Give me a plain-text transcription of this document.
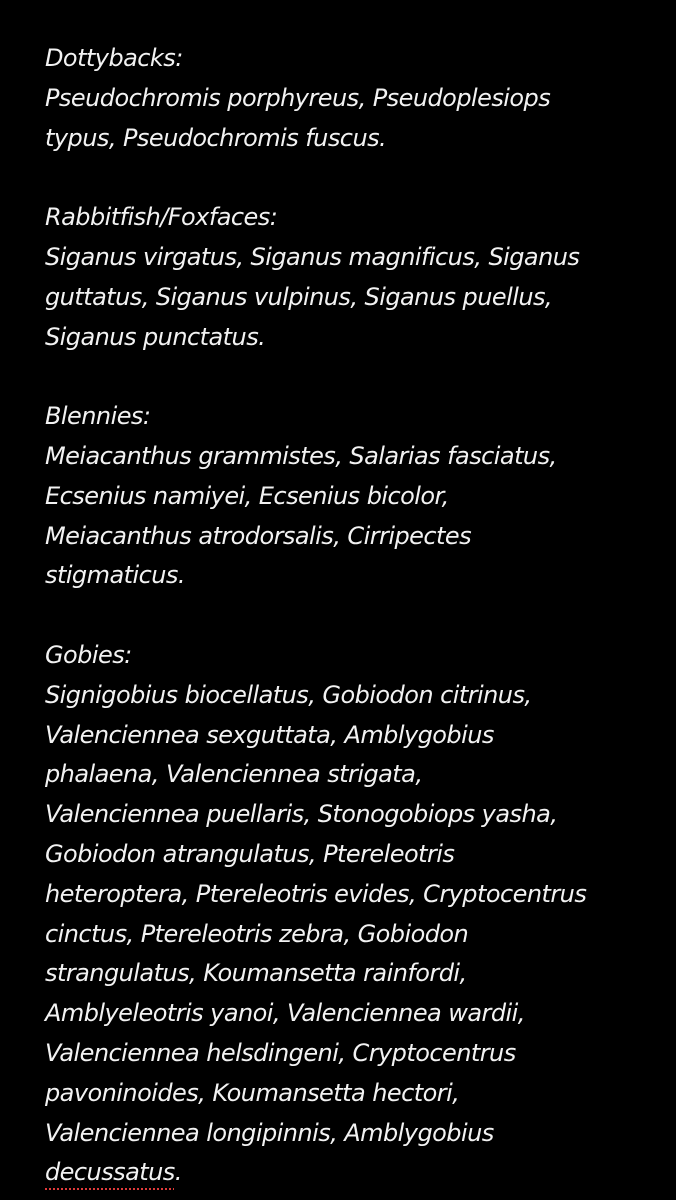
Dottybacks:
Pseudochromis porphyreus, Pseudoplesiops
typus, Pseudochromis fuscus.
Rabbitfish/Foxfaces:
Siganus virgatus, Siganus magnificus, Siganus
guttatus, Siganus vulpinus, Siganus puellus,
Siganus punctatus.
Blennies:
Meiacanthus grammistes, Salarias fasciatus,
Ecsenius namiyei, Ecsenius bicolor,
Meiacanthus atrodorsalis, Cirripectes
stigmaticus.
Gobies:
Signigobius biocellatus, Gobiodon citrinus,
Valenciennea sexguttata, Amblygobius
phalaena, Valenciennea strigata,
Valenciennea puellaris, Stonogobiops yasha,
Gobiodon atrangulatus, Ptereleotris
heteroptera, Ptereleotris evides, Cryptocentrus
cinctus, Ptereleotris zebra, Gobiodon
strangulatus, Koumansetta rainfordi,
Amblyeleotris yanoi, Valenciennea wardii,
Valenciennea helsdingeni, Cryptocentrus
pavoninoides, Koumansetta hectori,
Valenciennea longipinnis, Amblygobius
decussatus.
